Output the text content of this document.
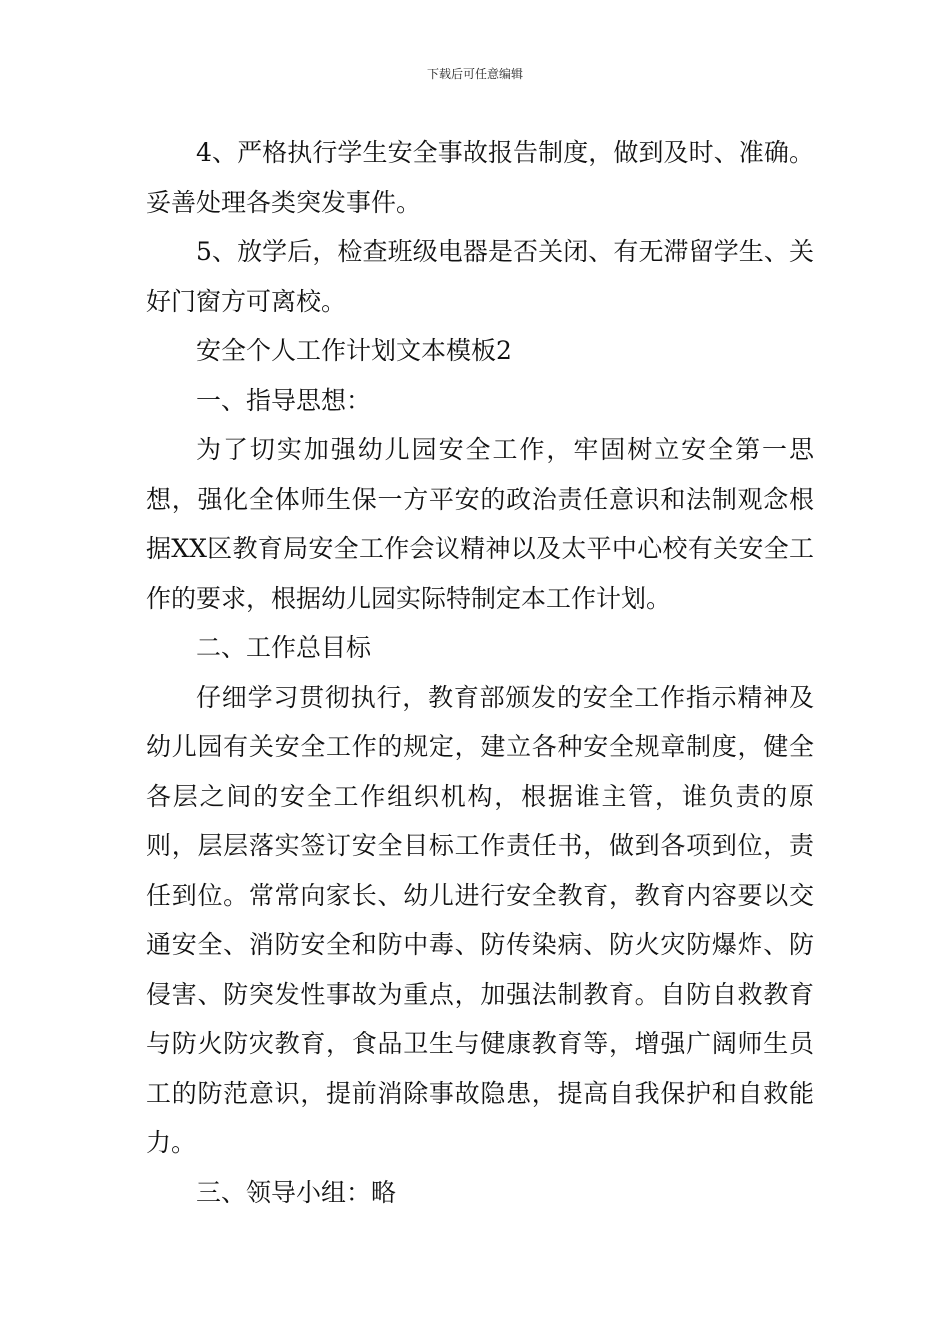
下载后可任意编辑

4、严格执行学生安全事故报告制度，做到及时、准确。妥善处理各类突发事件。

5、放学后，检查班级电器是否关闭、有无滞留学生、关好门窗方可离校。

安全个人工作计划文本模板2

一、指导思想：

为了切实加强幼儿园安全工作，牢固树立安全第一思想，强化全体师生保一方平安的政治责任意识和法制观念根据XX区教育局安全工作会议精神以及太平中心校有关安全工作的要求，根据幼儿园实际特制定本工作计划。

二、工作总目标

仔细学习贯彻执行，教育部颁发的安全工作指示精神及幼儿园有关安全工作的规定，建立各种安全规章制度，健全各层之间的安全工作组织机构，根据谁主管，谁负责的原则，层层落实签订安全目标工作责任书，做到各项到位，责任到位。常常向家长、幼儿进行安全教育，教育内容要以交通安全、消防安全和防中毒、防传染病、防火灾防爆炸、防侵害、防突发性事故为重点，加强法制教育。自防自救教育与防火防灾教育，食品卫生与健康教育等，增强广阔师生员工的防范意识，提前消除事故隐患，提高自我保护和自救能力。

三、领导小组：略
